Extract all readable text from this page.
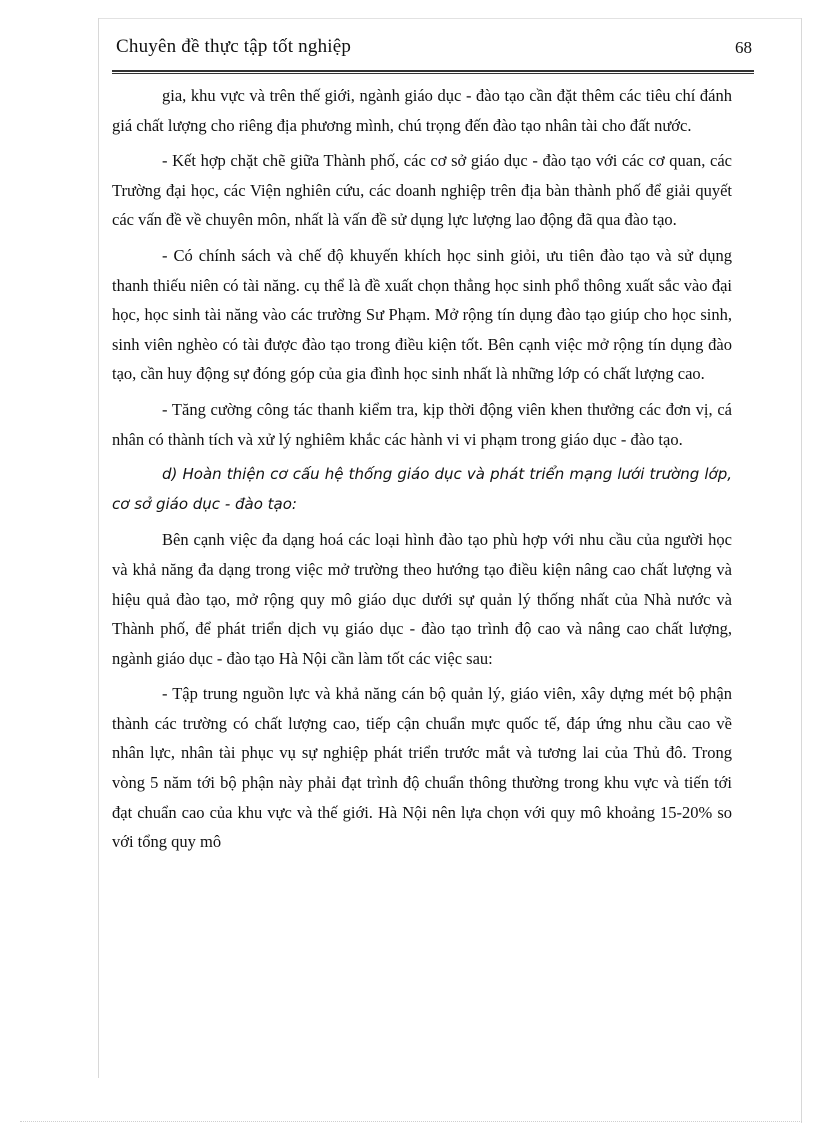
Chuyên đề thực tập tốt nghiệp	68

gia, khu vực và trên thế giới, ngành giáo dục - đào tạo cần đặt thêm các tiêu chí đánh giá chất lượng cho riêng địa phương mình, chú trọng đến đào tạo nhân tài cho đất nước.

- Kết hợp chặt chẽ giữa Thành phố, các cơ sở giáo dục - đào tạo với các cơ quan, các Trường đại học, các Viện nghiên cứu, các doanh nghiệp trên địa bàn thành phố để giải quyết các vấn đề về chuyên môn, nhất là vấn đề sử dụng lực lượng lao động đã qua đào tạo.

- Có chính sách và chế độ khuyến khích học sinh giỏi, ưu tiên đào tạo và sử dụng thanh thiếu niên có tài năng. cụ thể là đề xuất chọn thẳng học sinh phổ thông xuất sắc vào đại học, học sinh tài năng vào các trường Sư Phạm. Mở rộng tín dụng đào tạo giúp cho học sinh, sinh viên nghèo có tài được đào tạo trong điều kiện tốt. Bên cạnh việc mở rộng tín dụng đào tạo, cần huy động sự đóng góp của gia đình học sinh nhất là những lớp có chất lượng cao.

- Tăng cường công tác thanh kiểm tra, kịp thời động viên khen thưởng các đơn vị, cá nhân có thành tích và xử lý nghiêm khắc các hành vi vi phạm trong giáo dục - đào tạo.

d) Hoàn thiện cơ cấu hệ thống giáo dục và phát triển mạng lưới trường lớp, cơ sở giáo dục - đào tạo:

Bên cạnh việc đa dạng hoá các loại hình đào tạo phù hợp với nhu cầu của người học và khả năng đa dạng trong việc mở trường theo hướng tạo điều kiện nâng cao chất lượng và hiệu quả đào tạo, mở rộng quy mô giáo dục dưới sự quản lý thống nhất của Nhà nước và Thành phố, để phát triển dịch vụ giáo dục - đào tạo trình độ cao và nâng cao chất lượng, ngành giáo dục - đào tạo Hà Nội cần làm tốt các việc sau:

- Tập trung nguồn lực và khả năng cán bộ quản lý, giáo viên, xây dựng mét bộ phận thành các trường có chất lượng cao, tiếp cận chuẩn mực quốc tế, đáp ứng nhu cầu cao về nhân lực, nhân tài phục vụ sự nghiệp phát triển trước mắt và tương lai của Thủ đô. Trong vòng 5 năm tới bộ phận này phải đạt trình độ chuẩn thông thường trong khu vực và tiến tới đạt chuẩn cao của khu vực và thế giới. Hà Nội nên lựa chọn với quy mô khoảng 15-20% so với tổng quy mô
